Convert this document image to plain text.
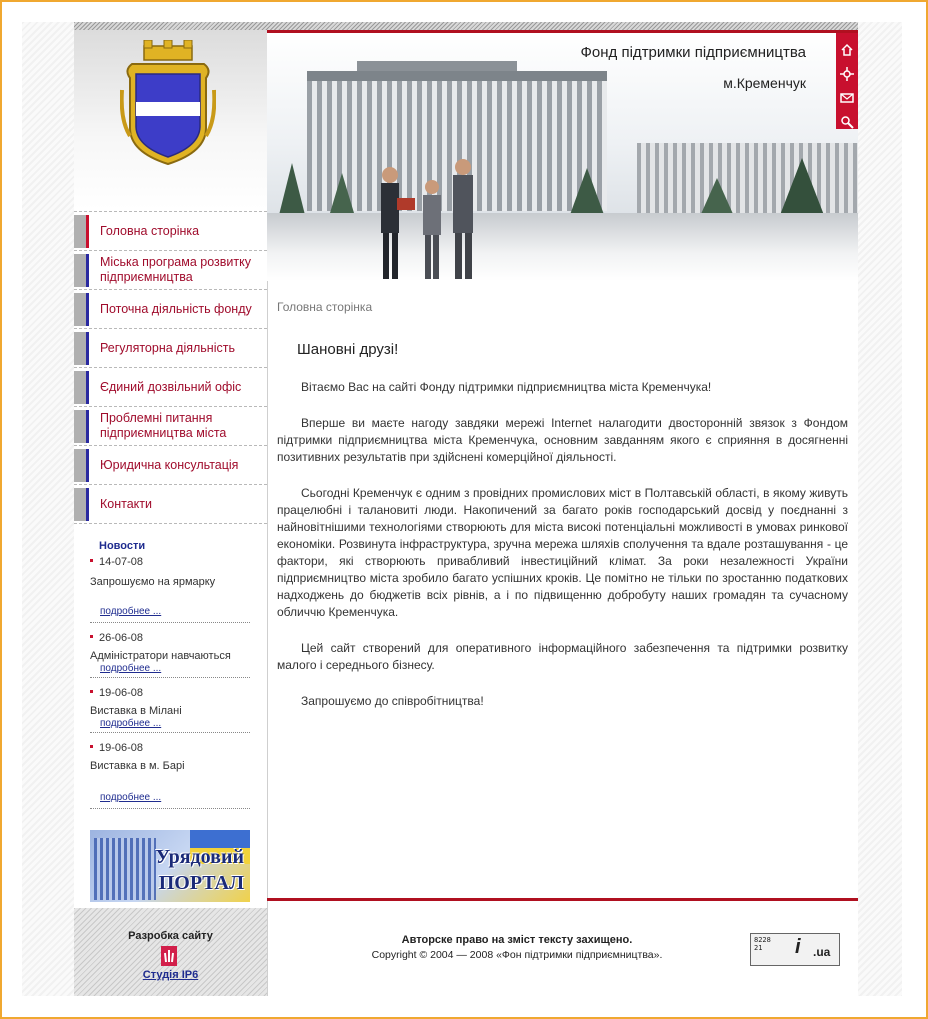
Головна сторінка
Міська програма розвитку підприємництва
Поточна діяльність фонду
Регуляторна діяльність
Єдиний дозвільний офіс
Проблемні питання підприємництва міста
Юридична консультація
Контакти
Новости
14-07-08
Запрошуємо на ярмарку
подробнее ...
26-06-08
Адміністратори навчаються
подробнее ...
19-06-08
Виставка в Мілані
подробнее ...
19-06-08
Виставка в м. Барі
подробнее ...
Урядовий
ПОРТАЛ
Разробка сайту
Студія IP6
Фонд підтримки підприємництва
м.Кременчук
Головна сторінка
Шановні друзі!

Вітаємо Вас на сайті Фонду підтримки підприємництва міста Кременчука!

Вперше ви маєте нагоду завдяки мережі Internet налагодити двосторонній звязок з Фондом підтримки підприємництва міста Кременчука, основним завданням якого є сприяння в досягненні позитивних результатів при здійснені комерційної діяльності.

Сьогодні Кременчук є одним з провідних промислових міст в Полтавській області, в якому живуть працелюбні і талановиті люди. Накопичений за багато років господарський досвід у поєднанні з найновітнішими технологіями створюють для міста високі потенціальні можливості в умовах ринкової економіки. Розвинута інфраструктура, зручна мережа шляхів сполучення та вдале розташування - це фактори, які створюють привабливий інвестиційний клімат. За роки незалежності України підприємництво міста зробило багато успішних кроків. Це помітно не тільки по зростанню податкових надходжень до бюджетів всіх рівнів, а і по підвищенню добробуту наших громадян та сучасному обличчю Кременчука.

Цей сайт створений для оперативного інформаційного забезпечення та підтримки розвитку малого і середнього бізнесу.

Запрошуємо до співробітництва!

Авторске право на зміст тексту захищено.
Copyright © 2004 — 2008 «Фон підтримки підприємництва».
8228
21	i .ua
